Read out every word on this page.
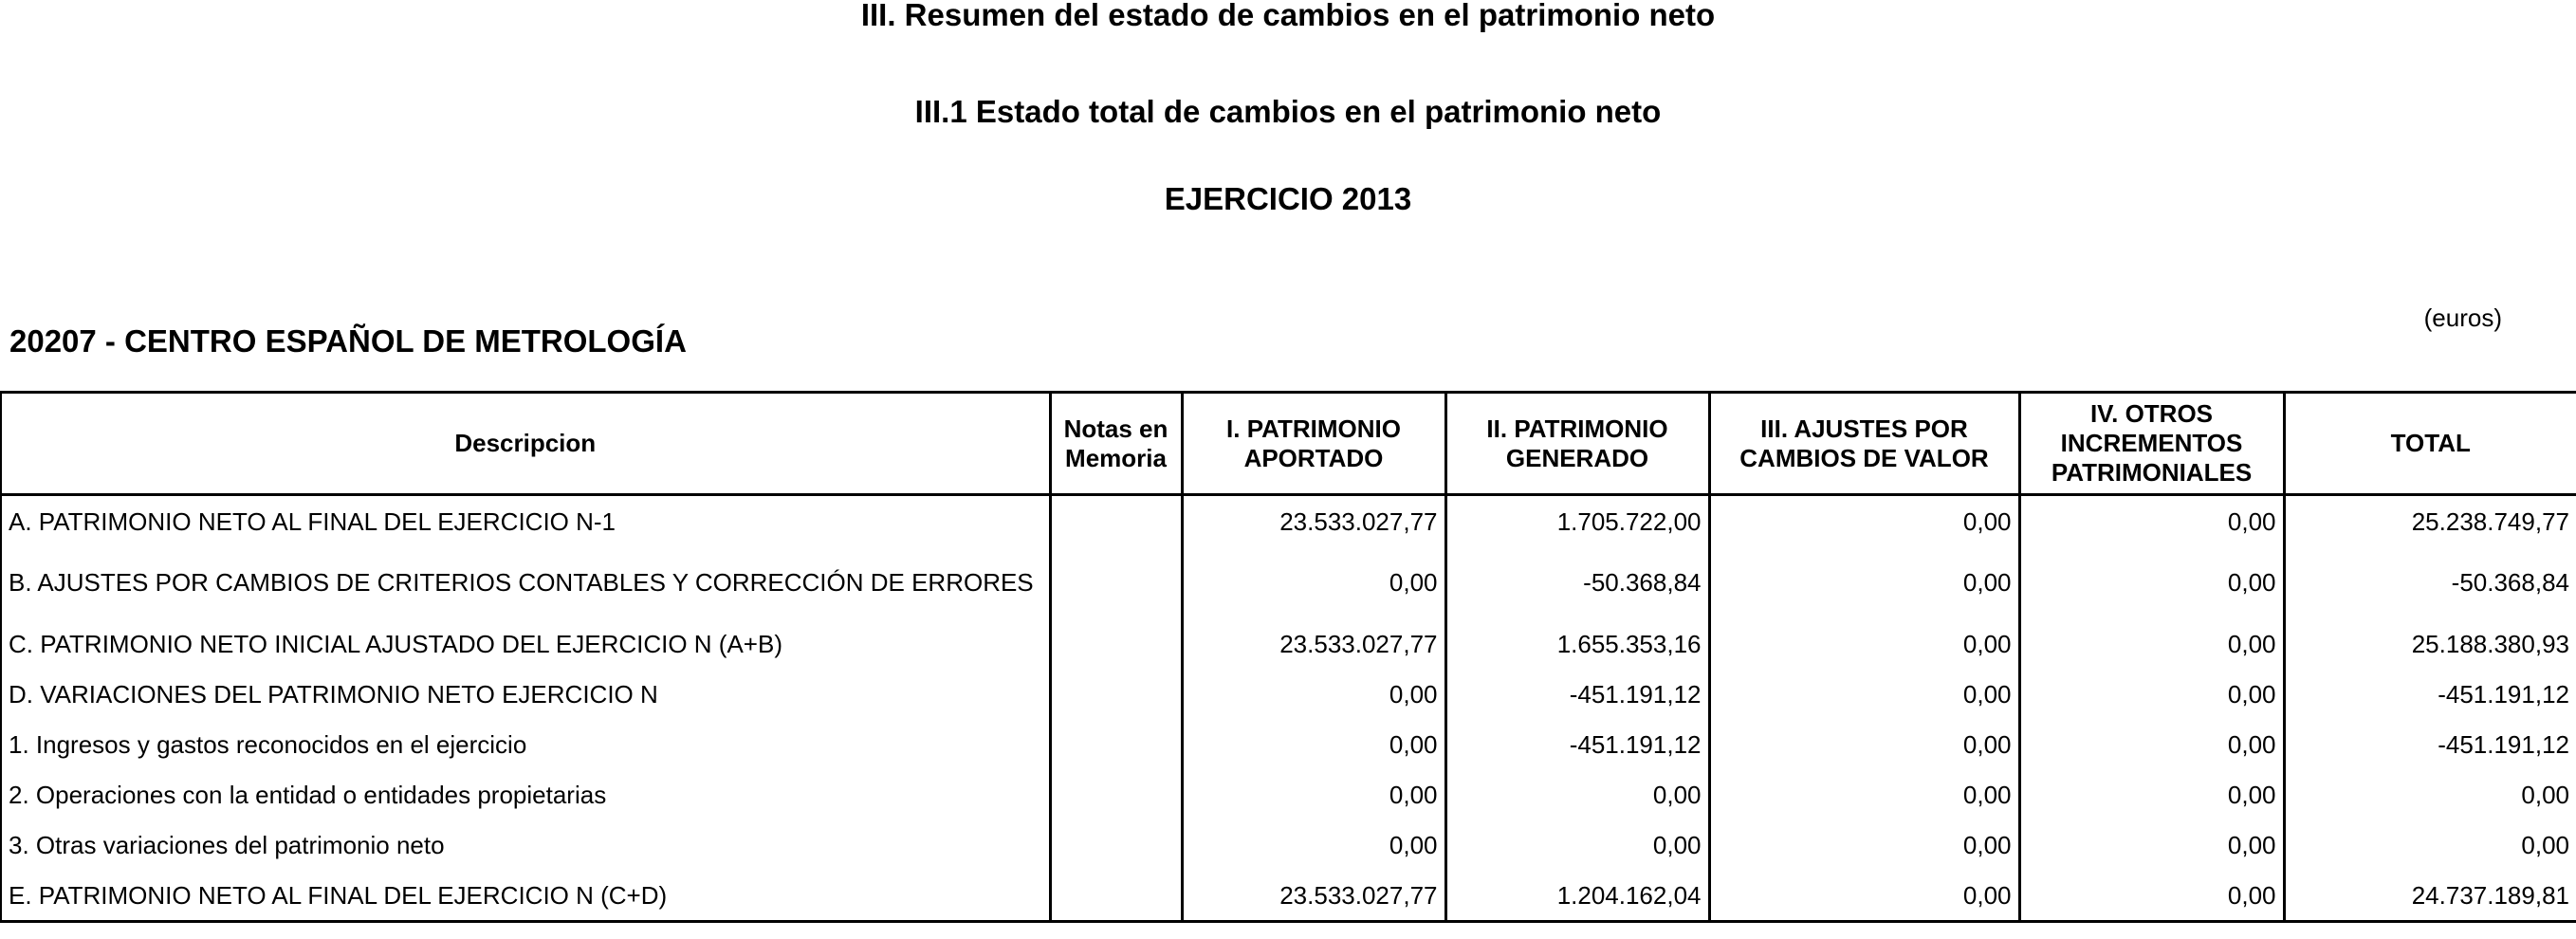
III. Resumen del estado de cambios en el patrimonio neto
III.1 Estado total de cambios en el patrimonio neto
EJERCICIO 2013
20207 - CENTRO ESPAÑOL DE METROLOGÍA
(euros)
Descripcion	Notas en Memoria	I. PATRIMONIO APORTADO	II. PATRIMONIO GENERADO	III. AJUSTES POR CAMBIOS DE VALOR	IV. OTROS INCREMENTOS PATRIMONIALES	TOTAL
A. PATRIMONIO NETO AL FINAL DEL EJERCICIO N-1		23.533.027,77	1.705.722,00	0,00	0,00	25.238.749,77
B. AJUSTES POR CAMBIOS DE CRITERIOS CONTABLES Y CORRECCIÓN DE ERRORES		0,00	-50.368,84	0,00	0,00	-50.368,84
C. PATRIMONIO NETO INICIAL AJUSTADO DEL EJERCICIO N (A+B)		23.533.027,77	1.655.353,16	0,00	0,00	25.188.380,93
D. VARIACIONES DEL PATRIMONIO NETO EJERCICIO N		0,00	-451.191,12	0,00	0,00	-451.191,12
1. Ingresos y gastos reconocidos en el ejercicio		0,00	-451.191,12	0,00	0,00	-451.191,12
2. Operaciones con la entidad o entidades propietarias		0,00	0,00	0,00	0,00	0,00
3. Otras variaciones del patrimonio neto		0,00	0,00	0,00	0,00	0,00
E. PATRIMONIO NETO AL FINAL DEL EJERCICIO N (C+D)		23.533.027,77	1.204.162,04	0,00	0,00	24.737.189,81
